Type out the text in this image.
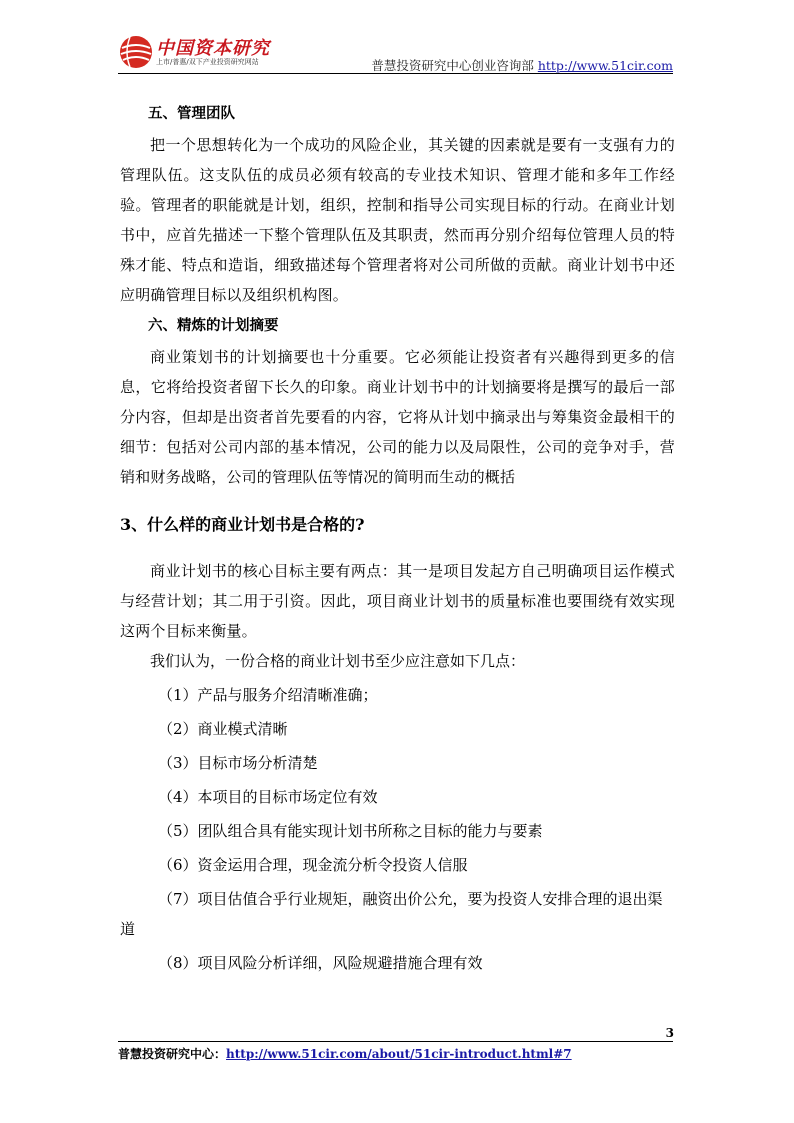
中国资本研究
上市/普惠/双下产业投资研究网站	普慧投资研究中心创业咨询部 http://www.51cir.com

五、管理团队

把一个思想转化为一个成功的风险企业，其关键的因素就是要有一支强有力的管理队伍。这支队伍的成员必须有较高的专业技术知识、管理才能和多年工作经验。管理者的职能就是计划，组织，控制和指导公司实现目标的行动。在商业计划书中，应首先描述一下整个管理队伍及其职责，然而再分别介绍每位管理人员的特殊才能、特点和造诣，细致描述每个管理者将对公司所做的贡献。商业计划书中还应明确管理目标以及组织机构图。

六、精炼的计划摘要

商业策划书的计划摘要也十分重要。它必须能让投资者有兴趣得到更多的信息，它将给投资者留下长久的印象。商业计划书中的计划摘要将是撰写的最后一部分内容，但却是出资者首先要看的内容，它将从计划中摘录出与筹集资金最相干的细节：包括对公司内部的基本情况，公司的能力以及局限性，公司的竞争对手，营销和财务战略，公司的管理队伍等情况的简明而生动的概括

3、什么样的商业计划书是合格的?

商业计划书的核心目标主要有两点：其一是项目发起方自己明确项目运作模式与经营计划；其二用于引资。因此，项目商业计划书的质量标准也要围绕有效实现这两个目标来衡量。

我们认为，一份合格的商业计划书至少应注意如下几点：

（1）产品与服务介绍清晰准确；

（2）商业模式清晰

（3）目标市场分析清楚

（4）本项目的目标市场定位有效

（5）团队组合具有能实现计划书所称之目标的能力与要素

（6）资金运用合理，现金流分析令投资人信服

（7）项目估值合乎行业规矩，融资出价公允，要为投资人安排合理的退出渠道

（8）项目风险分析详细，风险规避措施合理有效

3
普慧投资研究中心：http://www.51cir.com/about/51cir-introduct.html#7
